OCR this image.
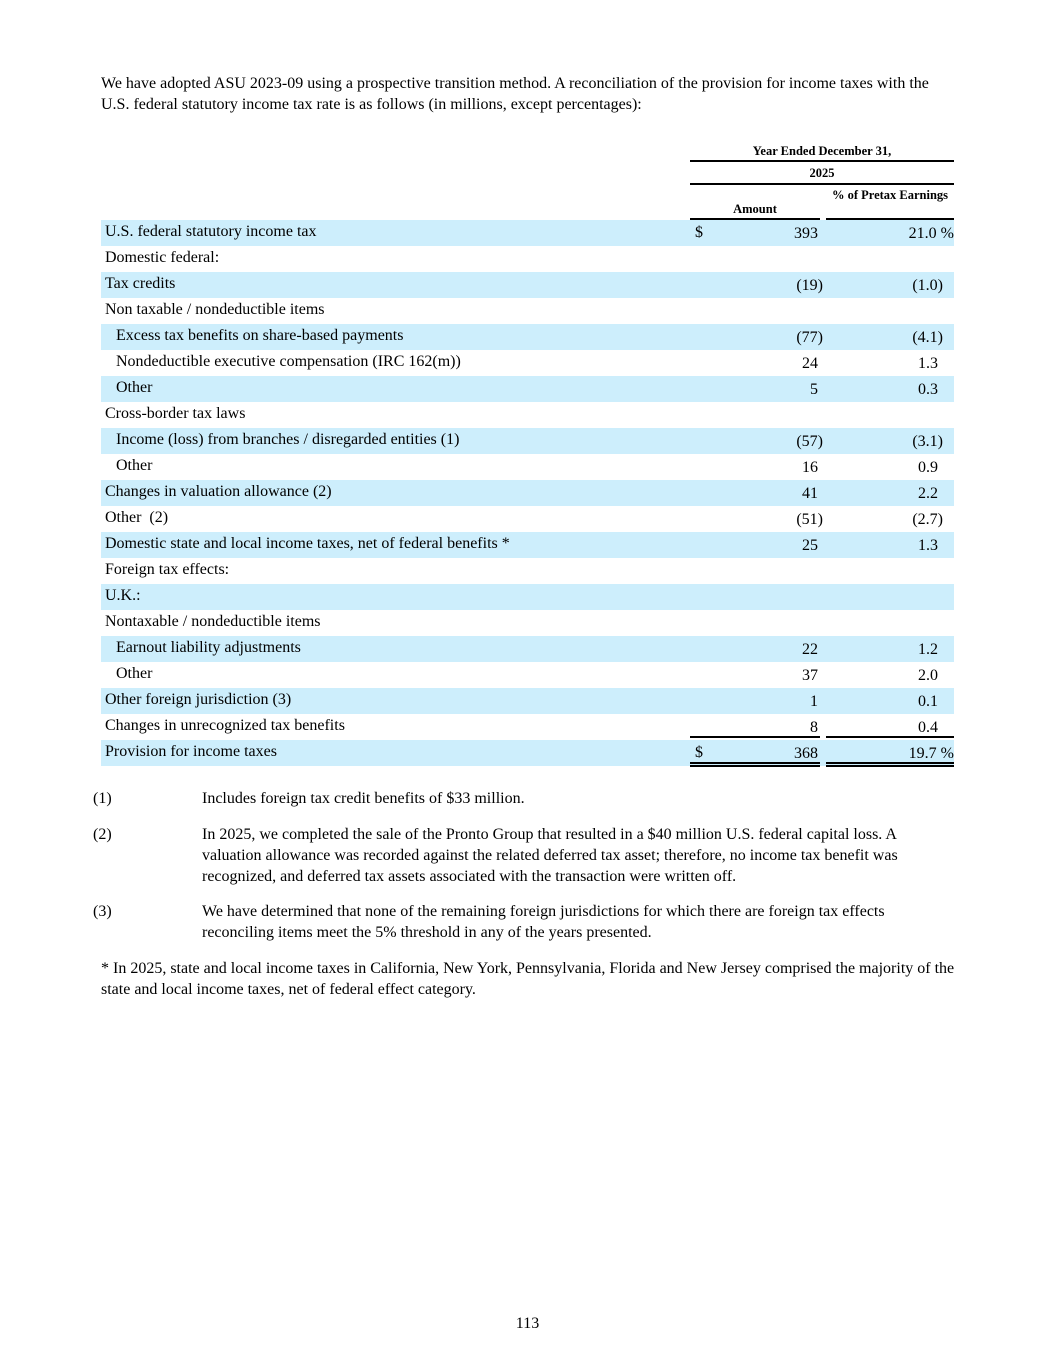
We have adopted ASU 2023-09 using a prospective transition method. A reconciliation of the provision for income taxes with the U.S. federal statutory income tax rate is as follows (in millions, except percentages):
Year Ended December 31,
2025
Amount
% of Pretax Earnings
U.S. federal statutory income tax	$	393	21.0 %
Domestic federal:
Tax credits	(19)	(1.0)
Non taxable / nondeductible items
Excess tax benefits on share-based payments	(77)	(4.1)
Nondeductible executive compensation (IRC 162(m))	24	1.3
Other	5	0.3
Cross-border tax laws
Income (loss) from branches / disregarded entities (1)	(57)	(3.1)
Other	16	0.9
Changes in valuation allowance (2)	41	2.2
Other  (2)	(51)	(2.7)
Domestic state and local income taxes, net of federal benefits *	25	1.3
Foreign tax effects:
U.K.:
Nontaxable / nondeductible items
Earnout liability adjustments	22	1.2
Other	37	2.0
Other foreign jurisdiction (3)	1	0.1
Changes in unrecognized tax benefits	8	0.4
Provision for income taxes	$	368	19.7 %
(1)	Includes foreign tax credit benefits of $33 million.
(2)	In 2025, we completed the sale of the Pronto Group that resulted in a $40 million U.S. federal capital loss. A valuation allowance was recorded against the related deferred tax asset; therefore, no income tax benefit was recognized, and deferred tax assets associated with the transaction were written off.
(3)	We have determined that none of the remaining foreign jurisdictions for which there are foreign tax effects reconciling items meet the 5% threshold in any of the years presented.
* In 2025, state and local income taxes in California, New York, Pennsylvania, Florida and New Jersey comprised the majority of the state and local income taxes, net of federal effect category.
113
